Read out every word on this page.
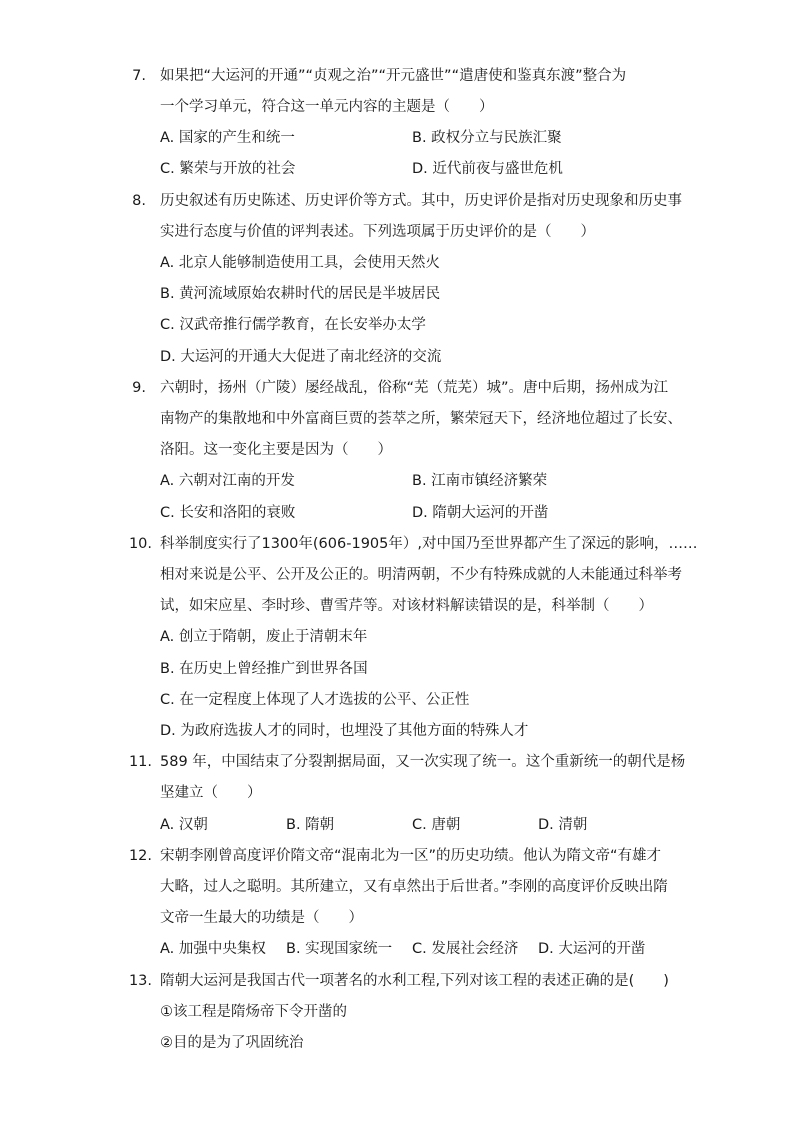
7. 如果把“大运河的开通”“贞观之治”“开元盛世”“遣唐使和鉴真东渡”整合为
一个学习单元，符合这一单元内容的主题是（　　）
A. 国家的产生和统一	B. 政权分立与民族汇聚
C. 繁荣与开放的社会	D. 近代前夜与盛世危机
8. 历史叙述有历史陈述、历史评价等方式。其中，历史评价是指对历史现象和历史事
实进行态度与价值的评判表述。下列选项属于历史评价的是（　　）
A. 北京人能够制造使用工具，会使用天然火
B. 黄河流域原始农耕时代的居民是半坡居民
C. 汉武帝推行儒学教育，在长安举办太学
D. 大运河的开通大大促进了南北经济的交流
9. 六朝时，扬州（广陵）屡经战乱，俗称“芜（荒芜）城”。唐中后期，扬州成为江
南物产的集散地和中外富商巨贾的荟萃之所，繁荣冠天下，经济地位超过了长安、
洛阳。这一变化主要是因为（　　）
A. 六朝对江南的开发	B. 江南市镇经济繁荣
C. 长安和洛阳的衰败	D. 隋朝大运河的开凿
10. 科举制度实行了1300年(606-1905年）,对中国乃至世界都产生了深远的影响，……
相对来说是公平、公开及公正的。明清两朝，不少有特殊成就的人未能通过科举考
试，如宋应星、李时珍、曹雪芹等。对该材料解读错误的是，科举制（　　）
A. 创立于隋朝，废止于清朝末年
B. 在历史上曾经推广到世界各国
C. 在一定程度上体现了人才选拔的公平、公正性
D. 为政府选拔人才的同时，也埋没了其他方面的特殊人才
11. 589 年，中国结束了分裂割据局面，又一次实现了统一。这个重新统一的朝代是杨
坚建立（　　）
A. 汉朝	B. 隋朝	C. 唐朝	D. 清朝
12. 宋朝李刚曾高度评价隋文帝“混南北为一区”的历史功绩。他认为隋文帝“有雄才
大略，过人之聪明。其所建立，又有卓然出于后世者。”李刚的高度评价反映出隋
文帝一生最大的功绩是（　　）
A. 加强中央集权 B. 实现国家统一 C. 发展社会经济 D. 大运河的开凿
13. 隋朝大运河是我国古代一项著名的水利工程,下列对该工程的表述正确的是(　　)
①该工程是隋炀帝下令开凿的
②目的是为了巩固统治
